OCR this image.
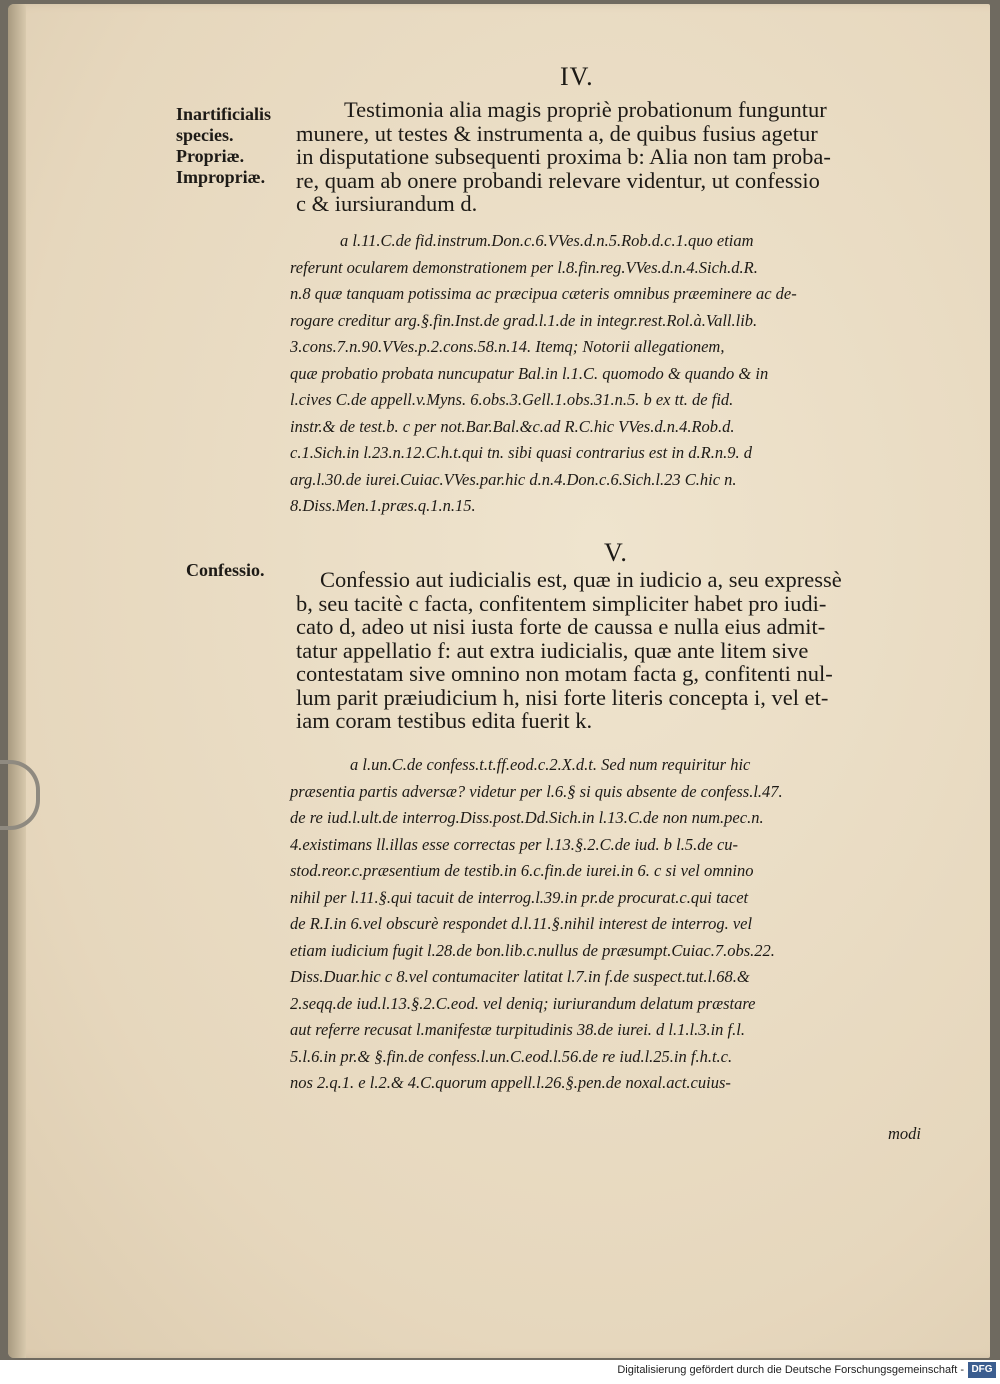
IV.
Inartificialis
species.
Propriæ.
Impropriæ.

Testimonia alia magis propriè probationum funguntur

munere, ut testes & instrumenta a, de quibus fusius agetur

in disputatione subsequenti proxima b: Alia non tam proba-

re, quam ab onere probandi relevare videntur, ut confessio

c & iursiurandum d.

a l.11.C.de fid.instrum.Don.c.6.VVes.d.n.5.Rob.d.c.1.quo etiam

referunt ocularem demonstrationem per l.8.fin.reg.VVes.d.n.4.Sich.d.R.

n.8 quæ tanquam potissima ac præcipua cæteris omnibus præeminere ac de-

rogare creditur arg.§.fin.Inst.de grad.l.1.de in integr.rest.Rol.à.Vall.lib.

3.cons.7.n.90.VVes.p.2.cons.58.n.14. Itemq; Notorii allegationem,

quæ probatio probata nuncupatur Bal.in l.1.C. quomodo & quando & in

l.cives C.de appell.v.Myns. 6.obs.3.Gell.1.obs.31.n.5. b ex tt. de fid.

instr.& de test.b. c per not.Bar.Bal.&c.ad R.C.hic VVes.d.n.4.Rob.d.

c.1.Sich.in l.23.n.12.C.h.t.qui tn. sibi quasi contrarius est in d.R.n.9. d

arg.l.30.de iurei.Cuiac.VVes.par.hic d.n.4.Don.c.6.Sich.l.23 C.hic n.

8.Diss.Men.1.præs.q.1.n.15.

V.
Confessio.	Confessio aut iudicialis est, quæ in iudicio a, seu expressè

b, seu tacitè c facta, confitentem simpliciter habet pro iudi-

cato d, adeo ut nisi iusta forte de caussa e nulla eius admit-

tatur appellatio f: aut extra iudicialis, quæ ante litem sive

contestatam sive omnino non motam facta g, confitenti nul-

lum parit præiudicium h, nisi forte literis concepta i, vel et-

iam coram testibus edita fuerit k.

a l.un.C.de confess.t.t.ff.eod.c.2.X.d.t. Sed num requiritur hic

præsentia partis adversæ? videtur per l.6.§ si quis absente de confess.l.47.

de re iud.l.ult.de interrog.Diss.post.Dd.Sich.in l.13.C.de non num.pec.n.

4.existimans ll.illas esse correctas per l.13.§.2.C.de iud. b l.5.de cu-

stod.reor.c.præsentium de testib.in 6.c.fin.de iurei.in 6. c si vel omnino

nihil per l.11.§.qui tacuit de interrog.l.39.in pr.de procurat.c.qui tacet

de R.I.in 6.vel obscurè respondet d.l.11.§.nihil interest de interrog. vel

etiam iudicium fugit l.28.de bon.lib.c.nullus de præsumpt.Cuiac.7.obs.22.

Diss.Duar.hic c 8.vel contumaciter latitat l.7.in f.de suspect.tut.l.68.&

2.seqq.de iud.l.13.§.2.C.eod. vel deniq; iuriurandum delatum præstare

aut referre recusat l.manifestæ turpitudinis 38.de iurei. d l.1.l.3.in f.l.

5.l.6.in pr.& §.fin.de confess.l.un.C.eod.l.56.de re iud.l.25.in f.h.t.c.

nos 2.q.1. e l.2.& 4.C.quorum appell.l.26.§.pen.de noxal.act.cuius-

modi
Digitalisierung gefördert durch die Deutsche Forschungsgemeinschaft - DFG
